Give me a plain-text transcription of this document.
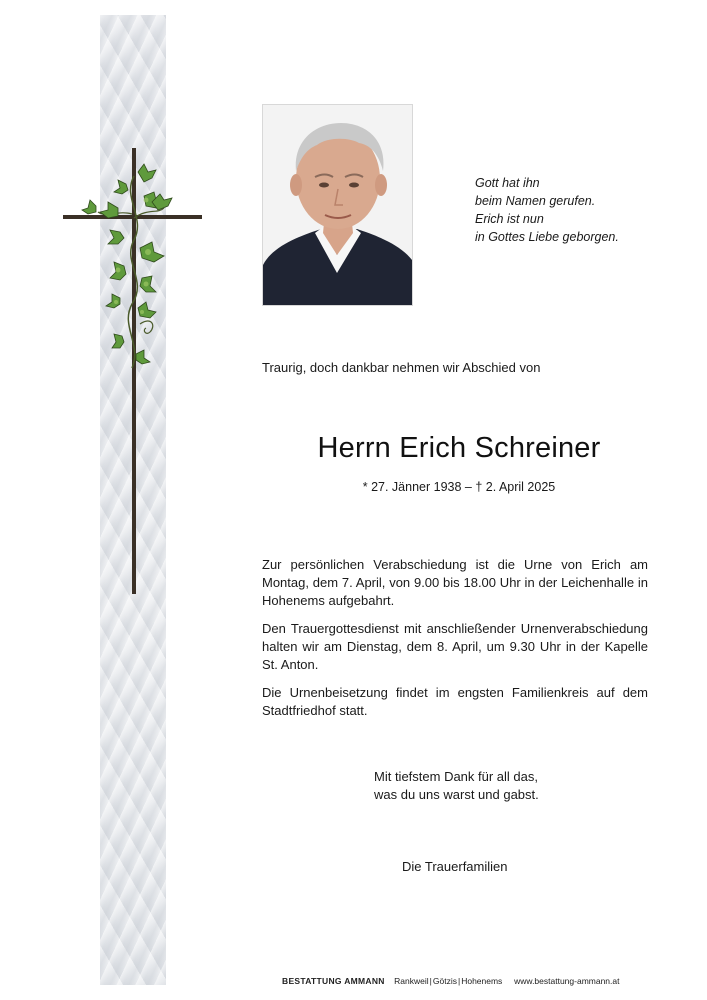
Gott hat ihn
beim Namen gerufen.
Erich ist nun
in Gottes Liebe geborgen.
Traurig, doch dankbar nehmen wir Abschied von
Herrn Erich Schreiner
* 27. Jänner 1938 – † 2. April 2025

Zur persönlichen Verabschiedung ist die Urne von Erich am Montag, dem 7. April, von 9.00 bis 18.00 Uhr in der Leichenhalle in Hohenems aufgebahrt.

Den Trauergottesdienst mit anschließender Urnenverabschiedung halten wir am Dienstag, dem 8. April, um 9.30 Uhr in der Kapelle St. Anton.

Die Urnenbeisetzung findet im engsten Familienkreis auf dem Stadtfriedhof statt.

Mit tiefstem Dank für all das,
was du uns warst und gabst.
Die Trauerfamilien
BESTATTUNG AMMANN Rankweil|Götzis|Hohenems www.bestattung-ammann.at
